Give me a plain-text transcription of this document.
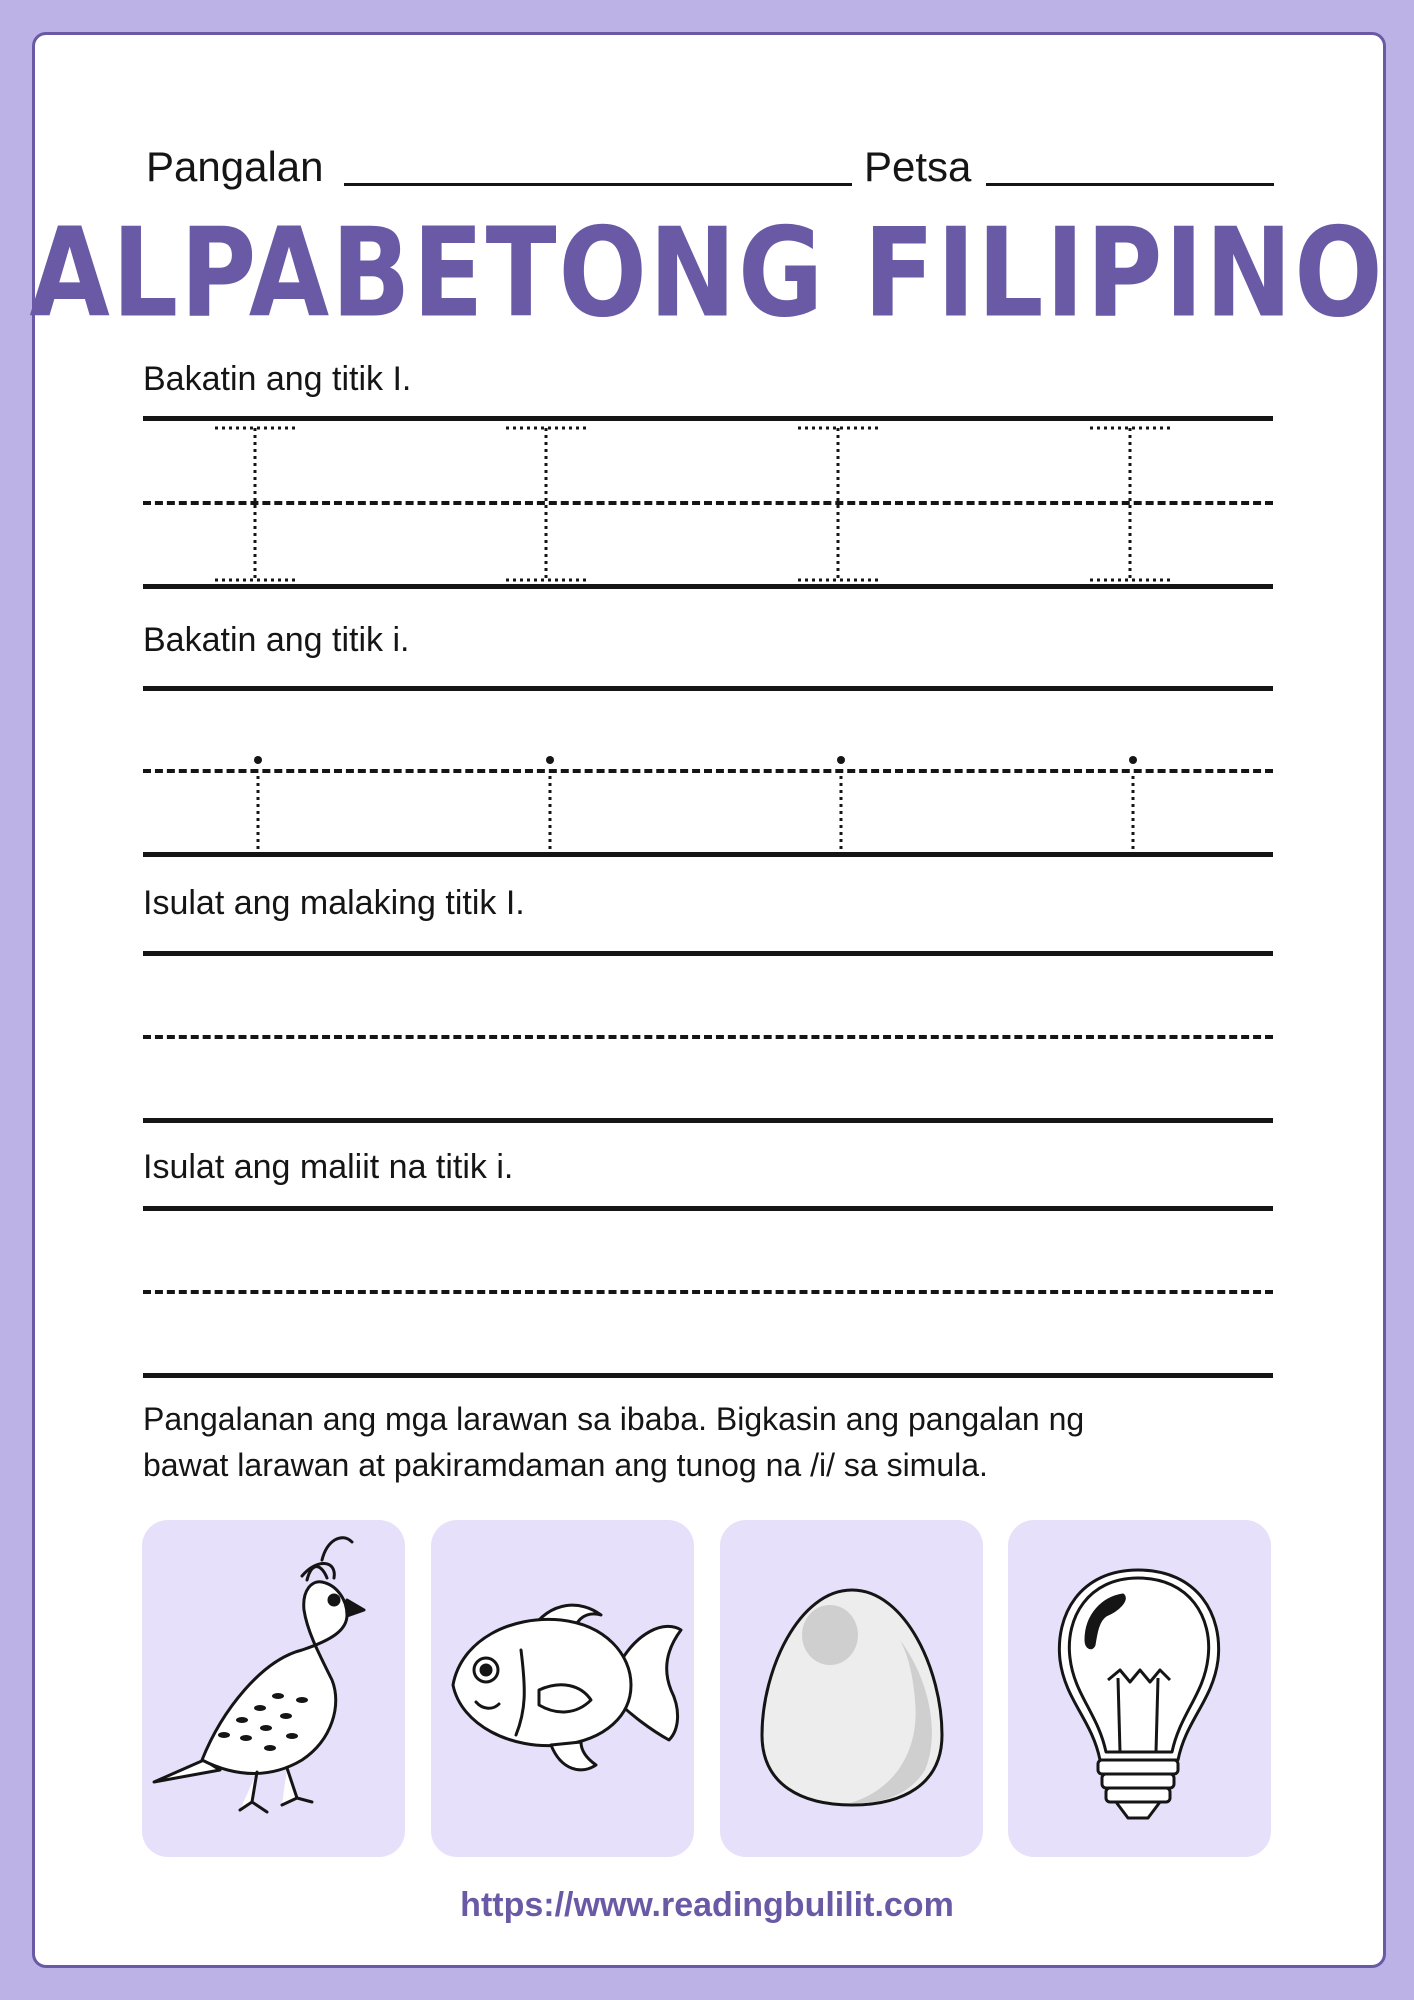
Pangalan	Petsa
ALPABETONG FILIPINO
Bakatin ang titik I.
Bakatin ang titik i.
Isulat ang malaking titik I.
Isulat ang maliit na titik i.
Pangalanan ang mga larawan sa ibaba. Bigkasin ang pangalan ng
bawat larawan at pakiramdaman ang tunog na /i/ sa simula.
https://www.readingbulilit.com
